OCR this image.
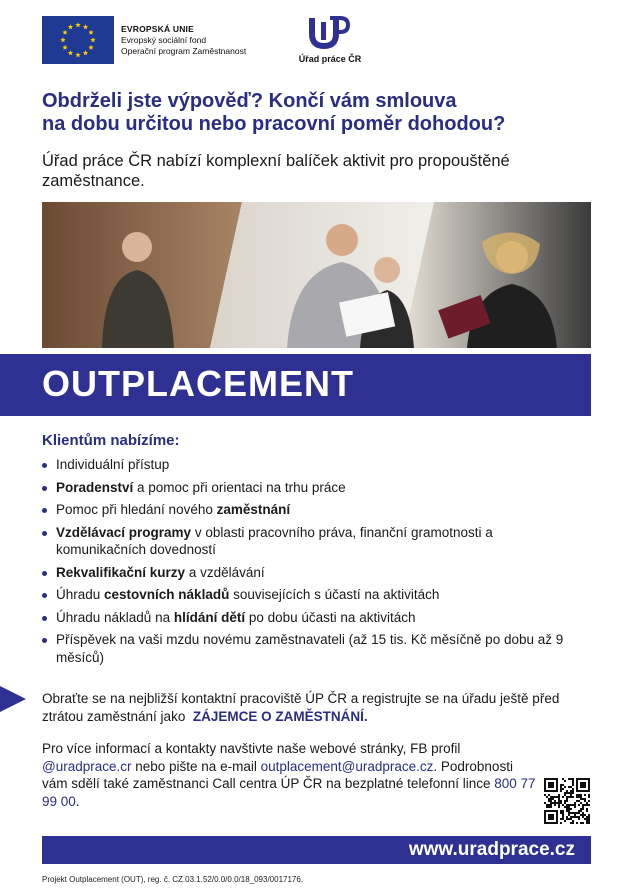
EVROPSKÁ UNIE
Evropský sociální fond
Operační program Zaměstnanost
Úřad práce ČR
Obdrželi jste výpověď? Končí vám smlouva
na dobu určitou nebo pracovní poměr dohodou?
Úřad práce ČR nabízí komplexní balíček aktivit pro propouštěné zaměstnance.
OUTPLACEMENT
Klientům nabízíme:
Individuální přístup
Poradenství a pomoc při orientaci na trhu práce
Pomoc při hledání nového zaměstnání
Vzdělávací programy v oblasti pracovního práva, finanční gramotnosti a komunikačních dovedností
Rekvalifikační kurzy a vzdělávání
Úhradu cestovních nákladů souvisejících s účastí na aktivitách
Úhradu nákladů na hlídání dětí po dobu účasti na aktivitách
Příspěvek na vaši mzdu novému zaměstnavateli (až 15 tis. Kč měsíčně po dobu až 9 měsíců)
Obraťte se na nejbližší kontaktní pracoviště ÚP ČR a registrujte se na úřadu ještě před ztrátou zaměstnání jako ZÁJEMCE O ZAMĚSTNÁNÍ.
Pro více informací a kontakty navštivte naše webové stránky, FB profil @uradprace.cr nebo pište na e-mail outplacement@uradprace.cz. Podrobnosti vám sdělí také zaměstnanci Call centra ÚP ČR na bezplatné telefonní lince 800 77 99 00.
www.uradprace.cz
Projekt Outplacement (OUT), reg. č. CZ.03.1.52/0.0/0.0/18_093/0017176.
